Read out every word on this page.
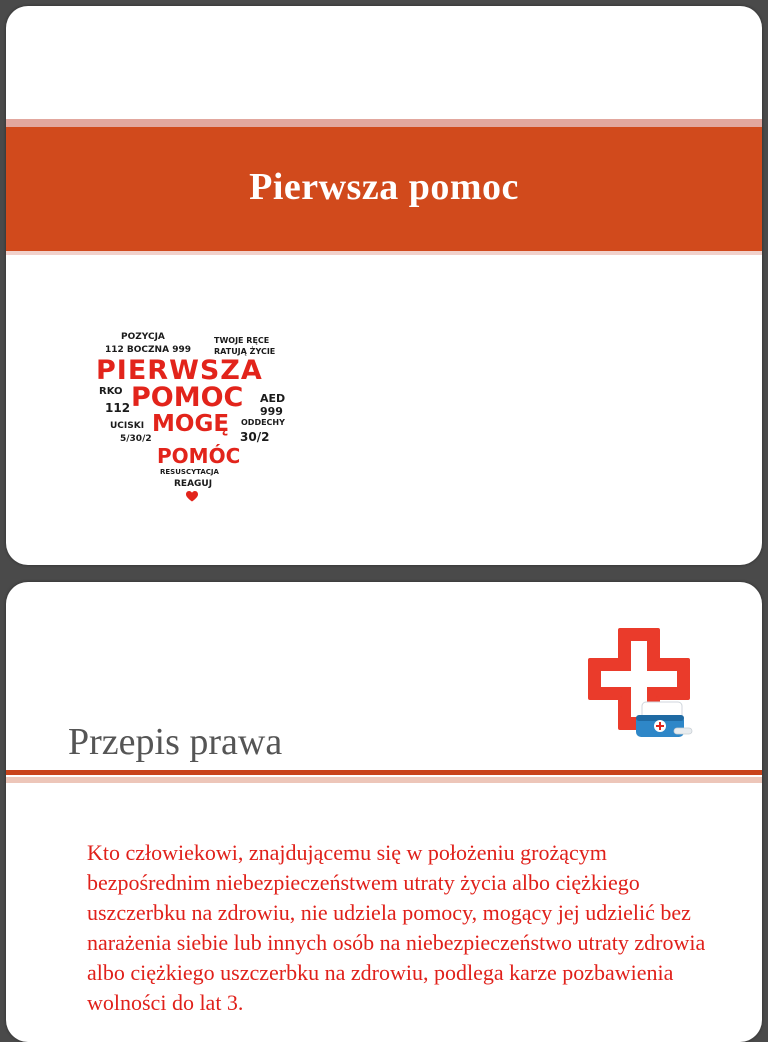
Pierwsza pomoc
POZYCJA
112 BOCZNA 999
TWOJE RĘCE
RATUJĄ ŻYCIE
PIERWSZA
RKO
112 POMOC AED
999
UCISKI	ODDECHY
5/30/2
MOGĘ 30/2
POMÓC
RESUSCYTACJA
REAGUJ
Przepis prawa
Kto człowiekowi, znajdującemu się w położeniu grożącym bezpośrednim niebezpieczeństwem utraty życia albo ciężkiego uszczerbku na zdrowiu, nie udziela pomocy, mogący jej udzielić bez narażenia siebie lub innych osób na niebezpieczeństwo utraty zdrowia albo ciężkiego uszczerbku na zdrowiu, podlega karze pozbawienia wolności do lat 3.
